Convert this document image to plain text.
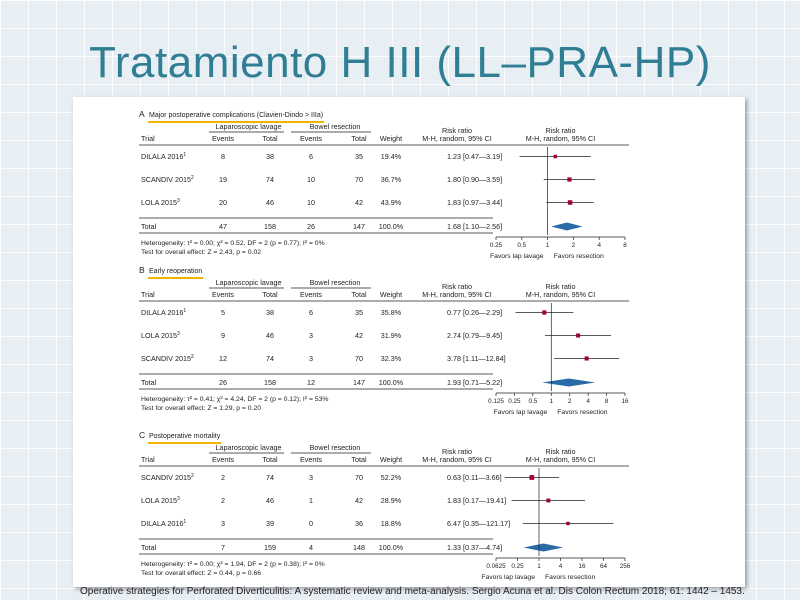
Tratamiento H III (LL–PRA-HP)
A Major postoperative complications (Clavien-Dindo > IIIa)
Laparoscopic lavage	Bowel resection	Risk ratio
M-H, random, 95% CI
Risk ratio
M-H, random, 95% CI
Trial	Events	Total	Events	Total Weight
DILALA 2016$^1$	8	38	6	35 19.4%	1.23 [0.47—3.19]
SCANDIV 2015$^2$	19	74	10	70 36.7%	1.80 [0.90—3.59]
LOLA 2015$^3$	20	46	10	42 43.9%	1.83 [0.97—3.44]
Total	47	158	26	147 100.0%	1.68 [1.10—2.56]
0.25 0.5	1	2	4	8
Favors lap lavage Favors resection
Heterogeneity: τ² = 0.00; χ² = 0.52, DF = 2 (p = 0.77); I² = 0%
Test for overall effect: Z = 2.43, p = 0.02
B Early reoperation
Laparoscopic lavage	Bowel resection	Risk ratio
M-H, random, 95% CI
Risk ratio
M-H, random, 95% CI
Trial	Events	Total	Events	Total Weight
DILALA 2016$^1$	5	38	6	35 35.8%	0.77 [0.26—2.29]
LOLA 2015$^3$	9	46	3	42 31.9%	2.74 [0.79—9.45]
SCANDIV 2015$^2$	12	74	3	70 32.3%	3.78 [1.11—12.84]
Total	26	158	12	147 100.0%	1.93 [0.71—5.22]
0.125 0.25 0.5 1 2 4 8 16
Favors lap lavage Favors resection
Heterogeneity: τ² = 0.41; χ² = 4.24, DF = 2 (p = 0.12); I² = 53%
Test for overall effect: Z = 1.29, p = 0.20
C Postoperative mortality
Laparoscopic lavage	Bowel resection	Risk ratio
M-H, random, 95% CI
Risk ratio
M-H, random, 95% CI
Trial	Events	Total	Events	Total Weight
SCANDIV 2015$^2$	2	74	3	70 52.2%	0.63 [0.11—3.66]
LOLA 2015$^3$	2	46	1	42 28.9%	1.83 [0.17—19.41]
DILALA 2016$^1$	3	39	0	36 18.8%	6.47 [0.35—121.17]
Total	7	159	4	148 100.0%	1.33 [0.37—4.74]
0.0625 0.25 1	4	16 64 256
Favors lap lavage Favors resection
Heterogeneity: τ² = 0.00; χ² = 1.94, DF = 2 (p = 0.38); I² = 0%
Test for overall effect: Z = 0.44, p = 0.66
Operative strategies for Perforated Diverticulitis: A systematic review and meta-analysis. Sergio Acuna et al. Dis Colon Rectum 2018; 61: 1442 – 1453.
